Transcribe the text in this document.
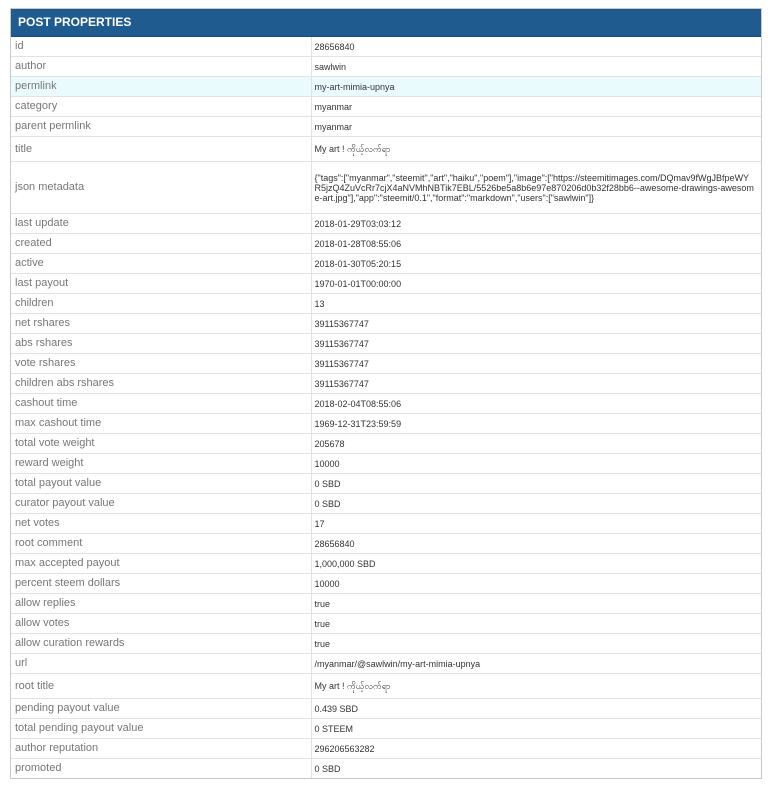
POST PROPERTIES
id	28656840
author	sawlwin
permlink	my-art-mimia-upnya
category	myanmar
parent permlink	myanmar
title	My art ! ကိုယ့်လက်ရာ
json metadata	{"tags":["myanmar","steemit","art","haiku","poem"],"image":["https://steemitimages.com/DQmav9fWgJBfpeWYR5jzQ4ZuVcRr7cjX4aNVMhNBTik7EBL/5526be5a8b6e97e870206d0b32f28bb6--awesome-drawings-awesome-art.jpg"],"app":"steemit/0.1","format":"markdown","users":["sawlwin"]}
last update	2018-01-29T03:03:12
created	2018-01-28T08:55:06
active	2018-01-30T05:20:15
last payout	1970-01-01T00:00:00
children	13
net rshares	39115367747
abs rshares	39115367747
vote rshares	39115367747
children abs rshares	39115367747
cashout time	2018-02-04T08:55:06
max cashout time	1969-12-31T23:59:59
total vote weight	205678
reward weight	10000
total payout value	0 SBD
curator payout value	0 SBD
net votes	17
root comment	28656840
max accepted payout	1,000,000 SBD
percent steem dollars	10000
allow replies	true
allow votes	true
allow curation rewards	true
url	/myanmar/@sawlwin/my-art-mimia-upnya
root title	My art ! ကိုယ့်လက်ရာ
pending payout value	0.439 SBD
total pending payout value	0 STEEM
author reputation	296206563282
promoted	0 SBD
